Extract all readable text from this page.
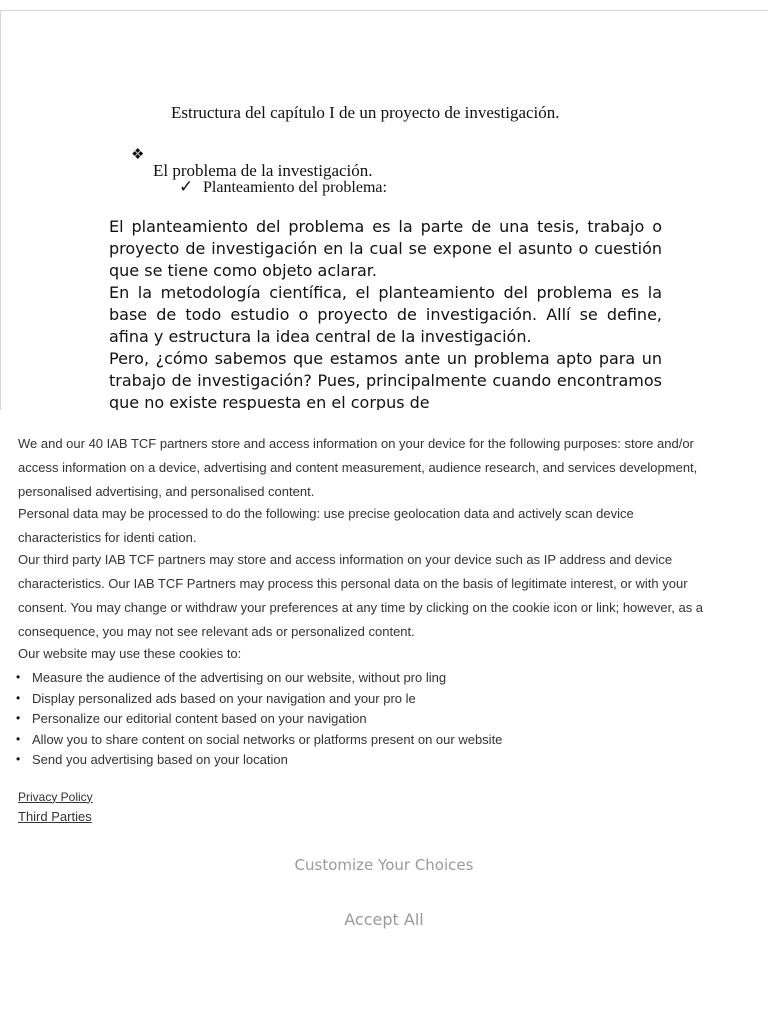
Estructura del capítulo I de un proyecto de investigación.
❖
El problema de la investigación.
✓ Planteamiento del problema:

El planteamiento del problema es la parte de una tesis, trabajo o proyecto de investigación en la cual se expone el asunto o cuestión que se tiene como objeto aclarar.

En la metodología científica, el planteamiento del problema es la base de todo estudio o proyecto de investigación. Allí se define, afina y estructura la idea central de la investigación.

Pero, ¿cómo sabemos que estamos ante un problema apto para un trabajo de investigación? Pues, principalmente cuando encontramos que no existe respuesta en el corpus de

We and our 40 IAB TCF partners store and access information on your device for the following purposes: store and/or access information on a device, advertising and content measurement, audience research, and services development, personalised advertising, and personalised content.

Personal data may be processed to do the following: use precise geolocation data and actively scan device characteristics for identi cation.

Our third party IAB TCF partners may store and access information on your device such as IP address and device characteristics. Our IAB TCF Partners may process this personal data on the basis of legitimate interest, or with your consent. You may change or withdraw your preferences at any time by clicking on the cookie icon or link; however, as a consequence, you may not see relevant ads or personalized content.

Our website may use these cookies to:

• Measure the audience of the advertising on our website, without pro ling
• Display personalized ads based on your navigation and your pro le
• Personalize our editorial content based on your navigation
• Allow you to share content on social networks or platforms present on our website
• Send you advertising based on your location
Privacy Policy
Third Parties
Customize Your Choices
Accept All
